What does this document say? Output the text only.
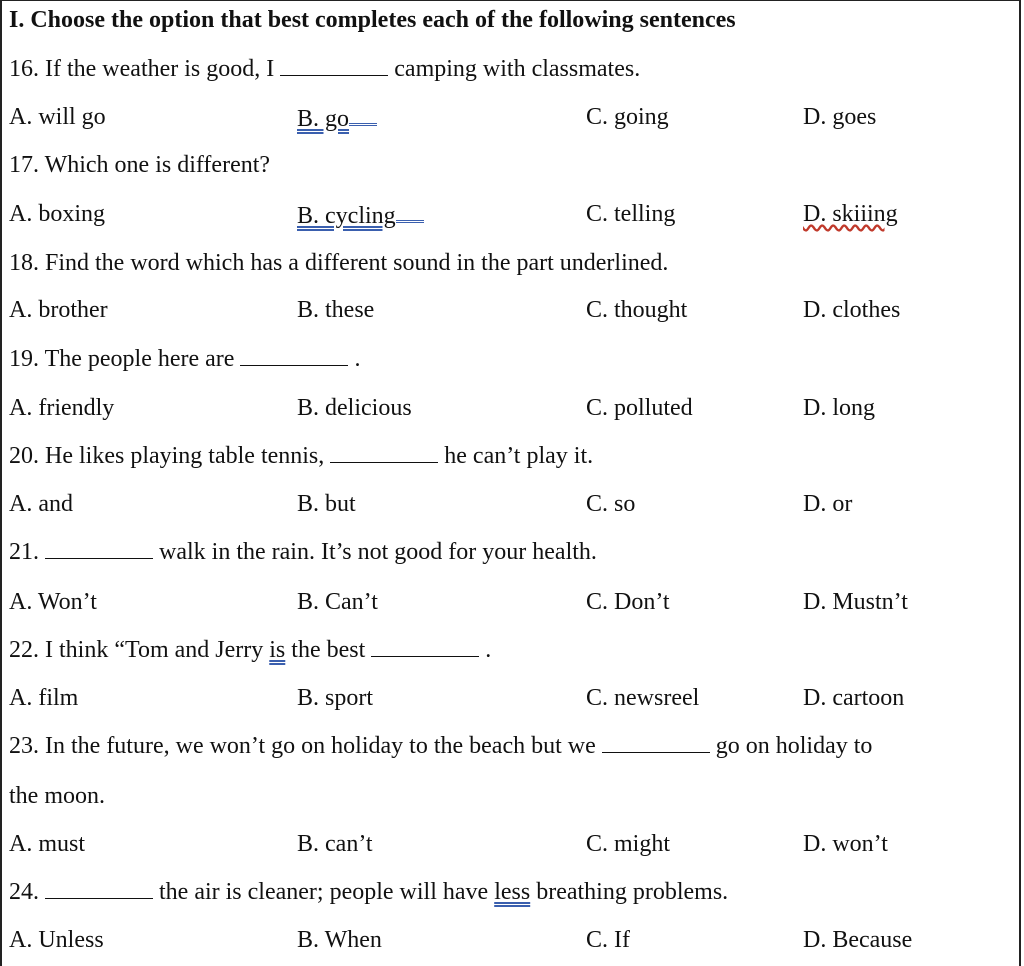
I. Choose the option that best completes each of the following sentences
16. If the weather is good, I	camping with classmates.
A. will go	B. go	C. going	D. goes
17. Which one is different?
A. boxing	B. cycling	C. telling	D. skiiing
18. Find the word which has a different sound in the part underlined.
A. brother	B. these	C. thought	D. clothes
19. The people here are	.
A. friendly	B. delicious	C. polluted	D. long
20. He likes playing table tennis,	he can’t play it.
A. and	B. but	C. so	D. or
21.	walk in the rain. It’s not good for your health.
A. Won’t	B. Can’t	C. Don’t	D. Mustn’t
22. I think “Tom and Jerry is the best	.
A. film	B. sport	C. newsreel	D. cartoon
23. In the future, we won’t go on holiday to the beach but we	go on holiday to
the moon.
A. must	B. can’t	C. might	D. won’t
24.	the air is cleaner; people will have less breathing problems.
A. Unless	B. When	C. If	D. Because
